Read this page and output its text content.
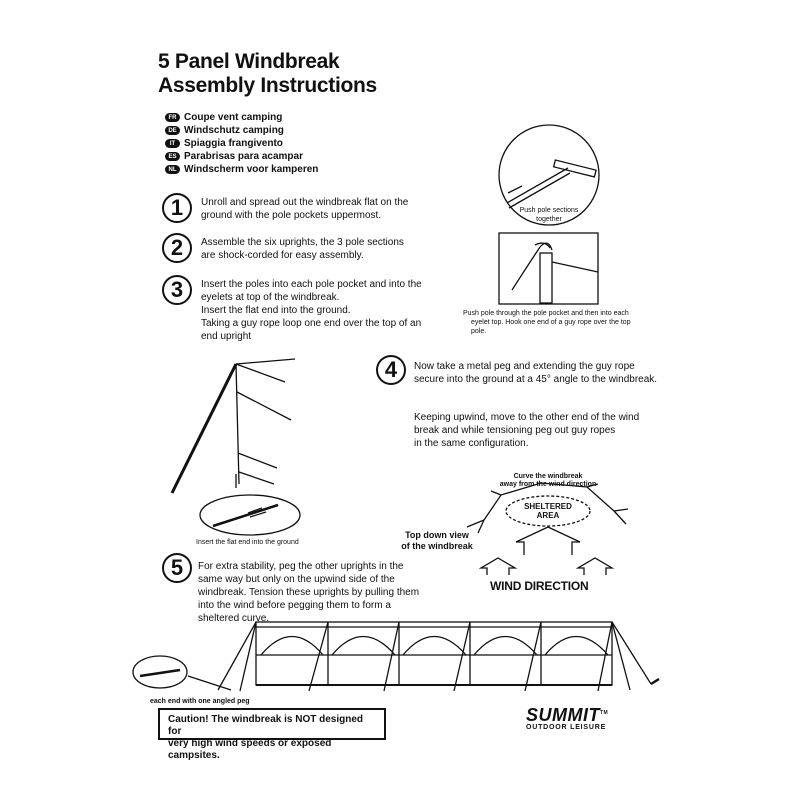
5 Panel Windbreak
Assembly Instructions
FR Coupe vent camping
DE Windschutz camping
IT Spiaggia frangivento
ES Parabrisas para acampar
NL Windscherm voor kamperen
1	Unroll and spread out the windbreak flat on the
ground with the pole pockets uppermost.
2	Assemble the six uprights, the 3 pole sections
are shock-corded for easy assembly.
3	Insert the poles into each pole pocket and into the
eyelets at top of the windbreak.
Insert the flat end into the ground.
Taking a guy rope loop one end over the top of an
end upright
4	Now take a metal peg and extending the guy rope
secure into the ground at a 45° angle to the windbreak.
Keeping upwind, move to the other end of the wind
break and while tensioning peg out guy ropes
in the same configuration.
5	For extra stability, peg the other uprights in the
same way but only on the upwind side of the
windbreak. Tension these uprights by pulling them
into the wind before pegging them to form a
sheltered curve.
Push pole sections
together
Push pole through the pole pocket and then into each
eyelet top. Hook one end of a guy rope over the top pole.
Insert the flat end into the ground
each end with one angled peg
Curve the windbreak
away from the wind direction
SHELTERED
AREA
Top down view
of the windbreak
WIND DIRECTION
Caution! The windbreak is NOT designed for
very high wind speeds or exposed campsites.
SUMMIT™
OUTDOOR LEISURE
